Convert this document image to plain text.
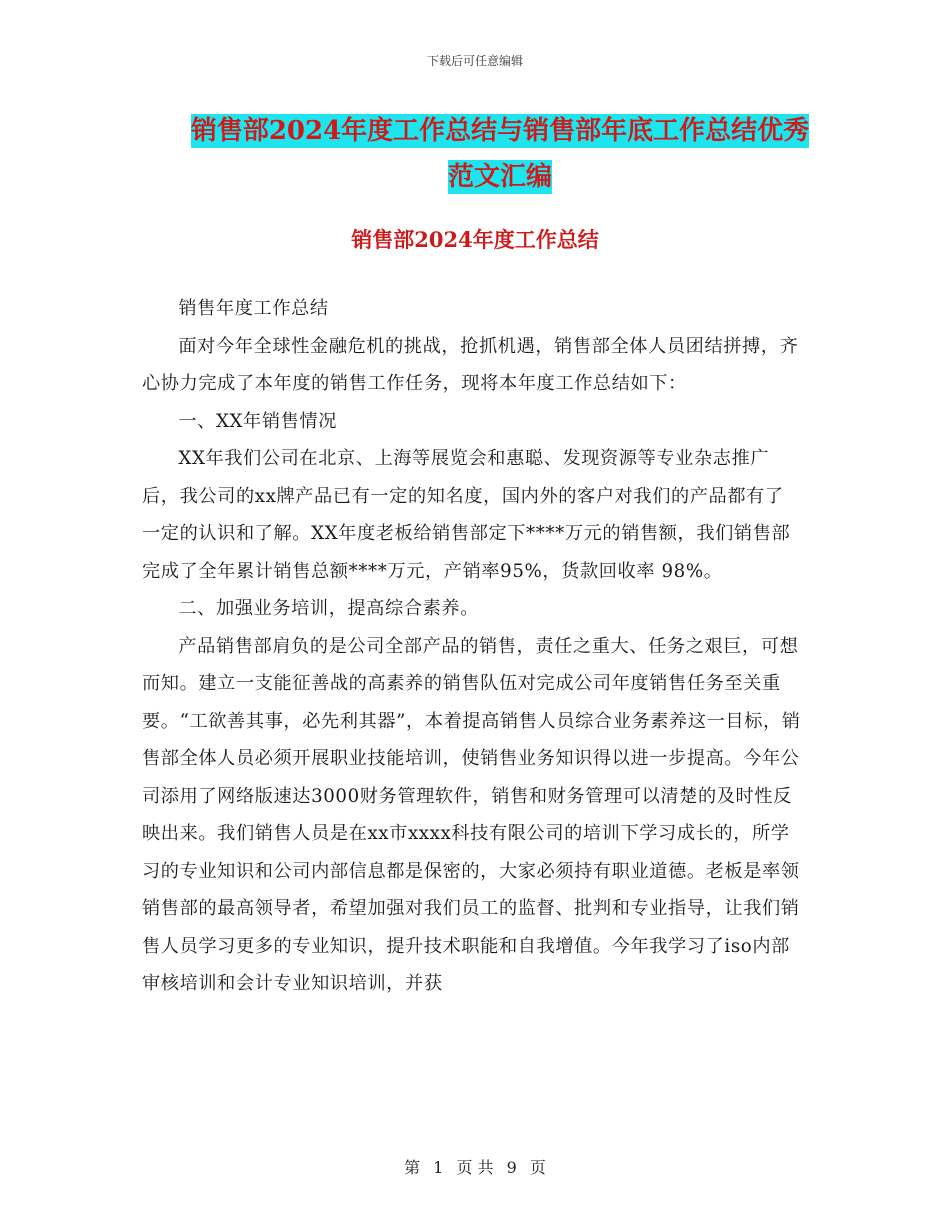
下载后可任意编辑
销售部2024年度工作总结与销售部年底工作总结优秀
范文汇编
销售部2024年度工作总结

销售年度工作总结

面对今年全球性金融危机的挑战，抢抓机遇，销售部全体人员团结拼搏，齐心协力完成了本年度的销售工作任务，现将本年度工作总结如下：

一、XX年销售情况

XX年我们公司在北京、上海等展览会和惠聪、发现资源等专业杂志推广后，我公司的xx牌产品已有一定的知名度，国内外的客户对我们的产品都有了一定的认识和了解。XX年度老板给销售部定下****万元的销售额，我们销售部完成了全年累计销售总额****万元，产销率95%，货款回收率 98%。

二、加强业务培训，提高综合素养。

产品销售部肩负的是公司全部产品的销售，责任之重大、任务之艰巨，可想而知。建立一支能征善战的高素养的销售队伍对完成公司年度销售任务至关重要。“工欲善其事，必先利其器”，本着提高销售人员综合业务素养这一目标，销售部全体人员必须开展职业技能培训，使销售业务知识得以进一步提高。今年公司添用了网络版速达3000财务管理软件，销售和财务管理可以清楚的及时性反映出来。我们销售人员是在xx市xxxx科技有限公司的培训下学习成长的，所学习的专业知识和公司内部信息都是保密的，大家必须持有职业道德。老板是率领销售部的最高领导者，希望加强对我们员工的监督、批判和专业指导，让我们销售人员学习更多的专业知识，提升技术职能和自我增值。今年我学习了iso内部审核培训和会计专业知识培训，并获

第 1 页 共 9 页
